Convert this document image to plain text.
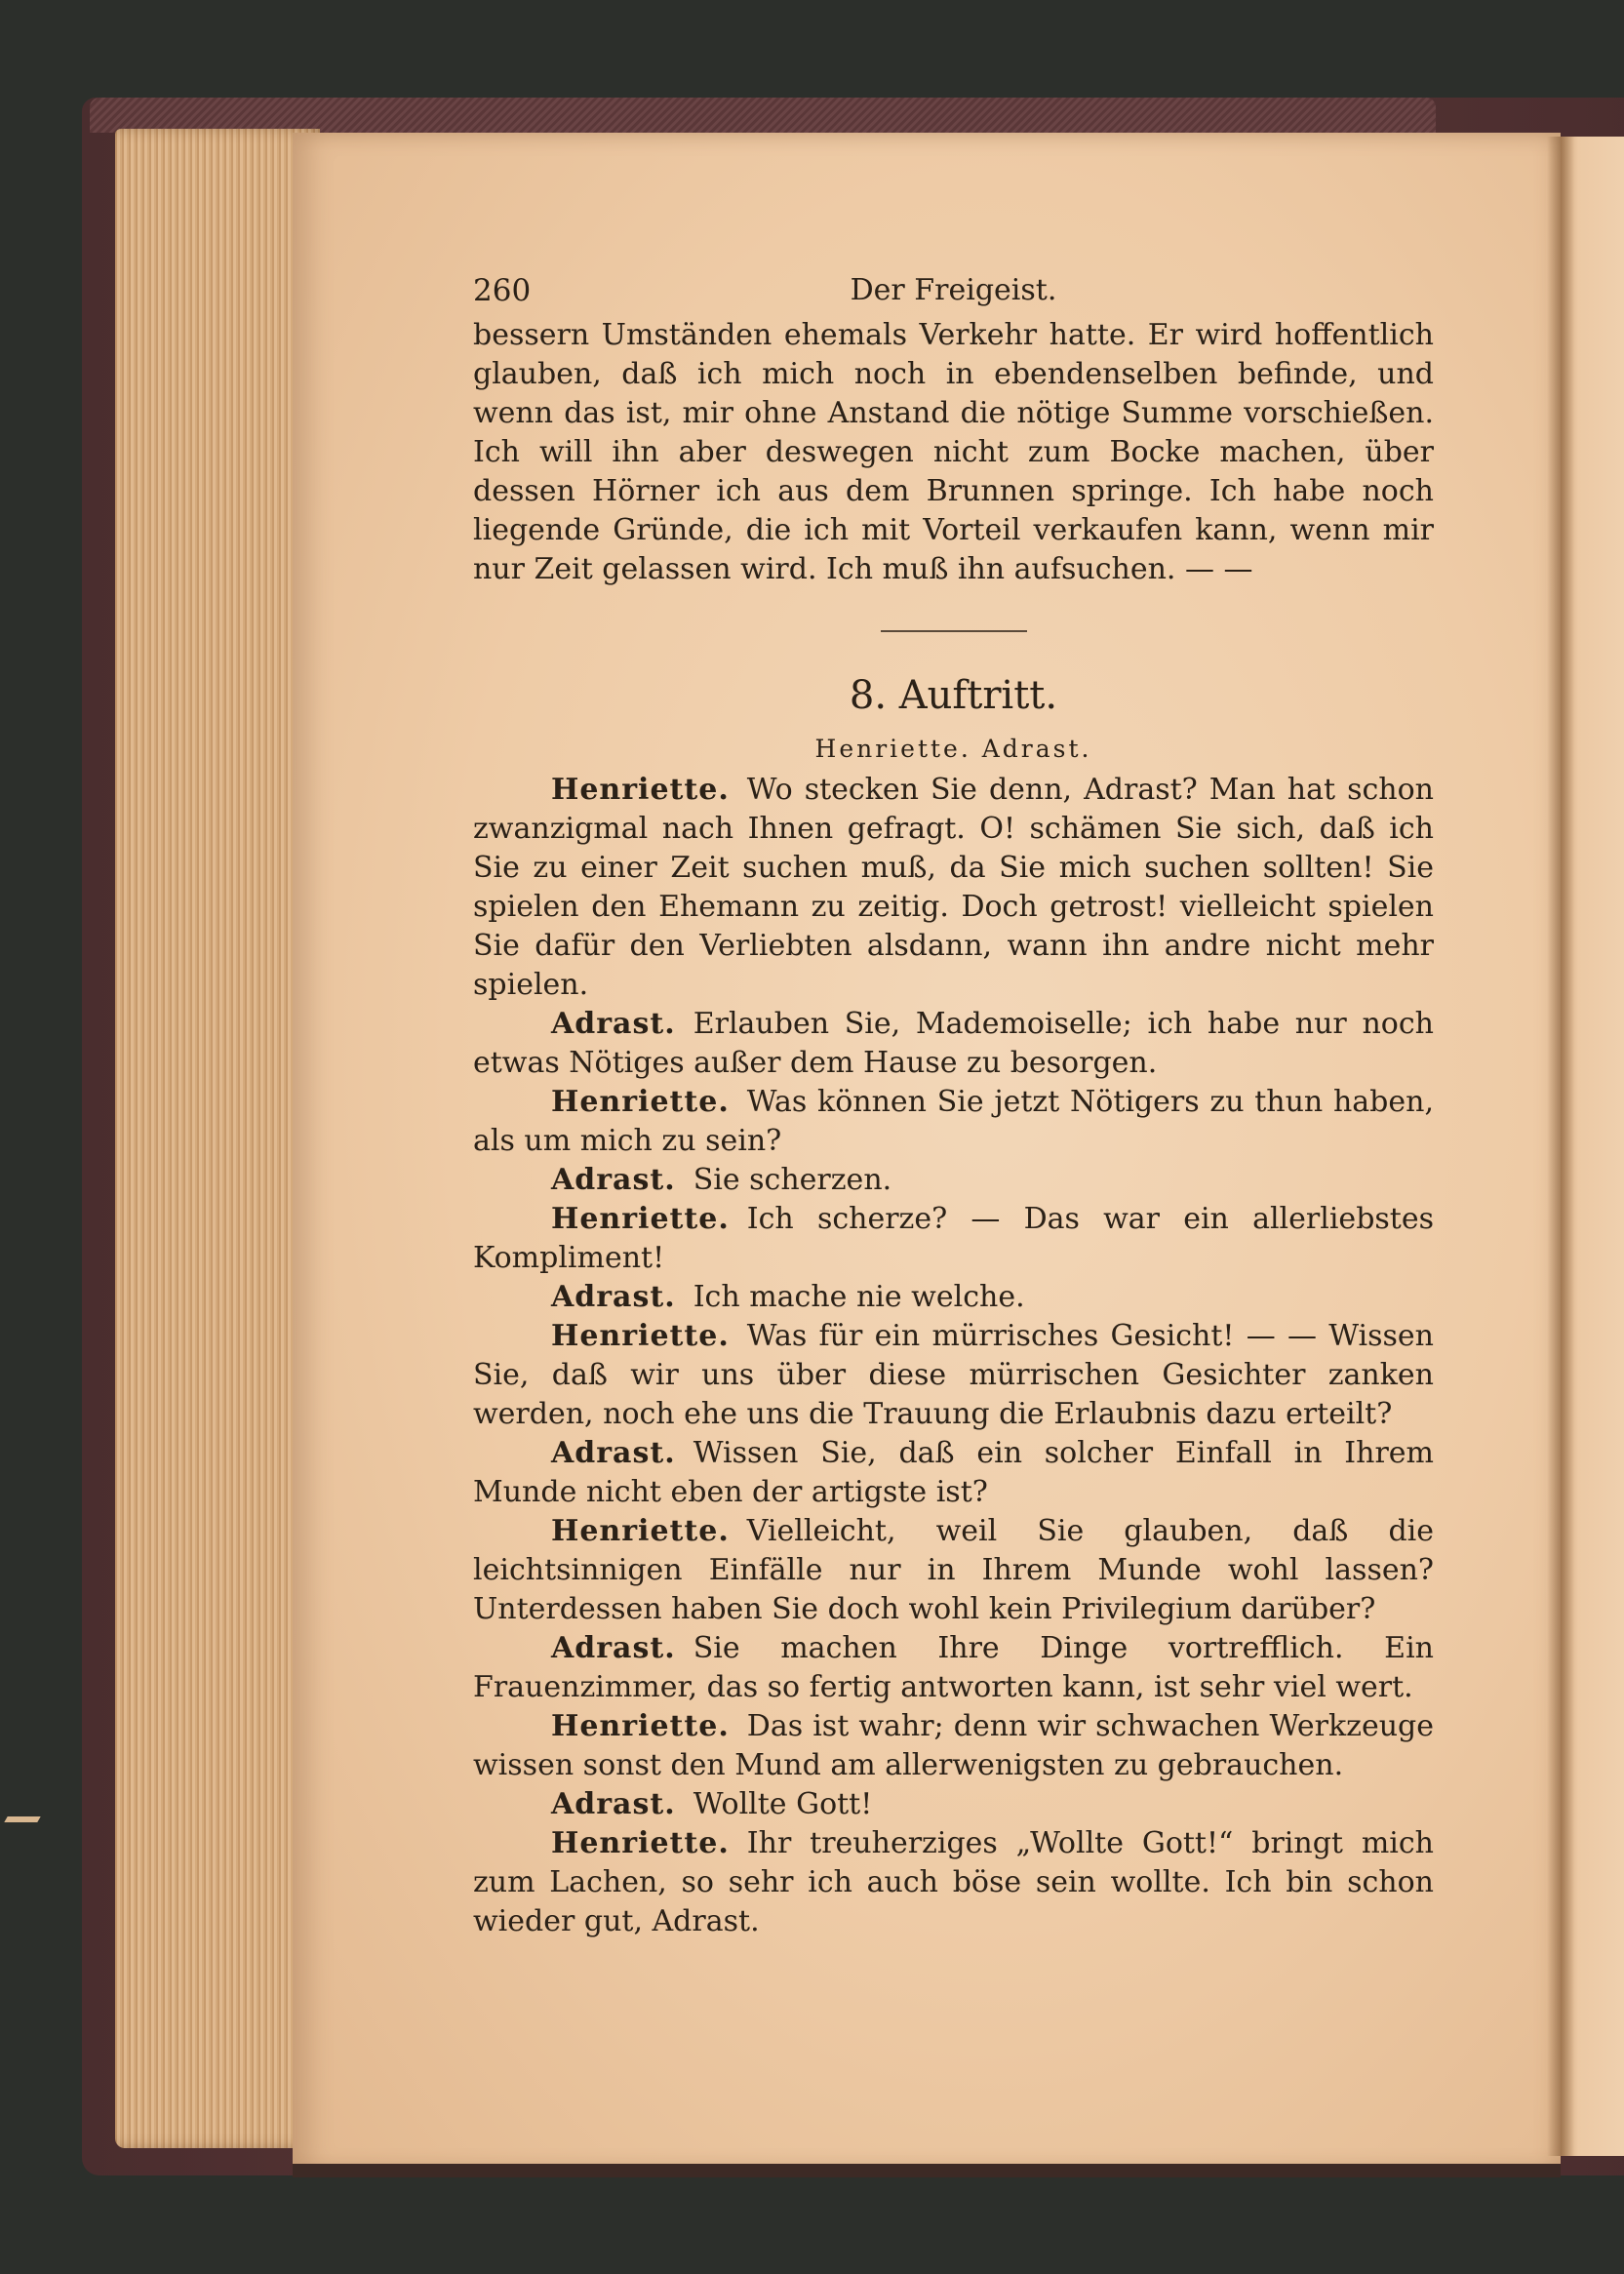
260	Der Freigeist.

bessern Umständen ehemals Verkehr hatte. Er wird hoffentlich glauben, daß ich mich noch in ebendenselben befinde, und wenn das ist, mir ohne Anstand die nötige Summe vorschießen. Ich will ihn aber deswegen nicht zum Bocke machen, über dessen Hörner ich aus dem Brunnen springe. Ich habe noch liegende Gründe, die ich mit Vorteil verkaufen kann, wenn mir nur Zeit gelassen wird. Ich muß ihn aufsuchen. — —

8. Auftritt.
Henriette. Adrast.

Henriette. Wo stecken Sie denn, Adrast? Man hat schon zwanzigmal nach Ihnen gefragt. O! schämen Sie sich, daß ich Sie zu einer Zeit suchen muß, da Sie mich suchen sollten! Sie spielen den Ehemann zu zeitig. Doch getrost! vielleicht spielen Sie dafür den Verliebten alsdann, wann ihn andre nicht mehr spielen.

Adrast. Erlauben Sie, Mademoiselle; ich habe nur noch etwas Nötiges außer dem Hause zu besorgen.

Henriette. Was können Sie jetzt Nötigers zu thun haben, als um mich zu sein?

Adrast. Sie scherzen.

Henriette. Ich scherze? — Das war ein allerliebstes Kompliment!

Adrast. Ich mache nie welche.

Henriette. Was für ein mürrisches Gesicht! — — Wissen Sie, daß wir uns über diese mürrischen Gesichter zanken werden, noch ehe uns die Trauung die Erlaubnis dazu erteilt?

Adrast. Wissen Sie, daß ein solcher Einfall in Ihrem Munde nicht eben der artigste ist?

Henriette. Vielleicht, weil Sie glauben, daß die leichtsinnigen Einfälle nur in Ihrem Munde wohl lassen? Unterdessen haben Sie doch wohl kein Privilegium darüber?

Adrast. Sie machen Ihre Dinge vortrefflich. Ein Frauenzimmer, das so fertig antworten kann, ist sehr viel wert.

Henriette. Das ist wahr; denn wir schwachen Werkzeuge wissen sonst den Mund am allerwenigsten zu gebrauchen.

Adrast. Wollte Gott!

Henriette. Ihr treuherziges „Wollte Gott!“ bringt mich zum Lachen, so sehr ich auch böse sein wollte. Ich bin schon wieder gut, Adrast.
